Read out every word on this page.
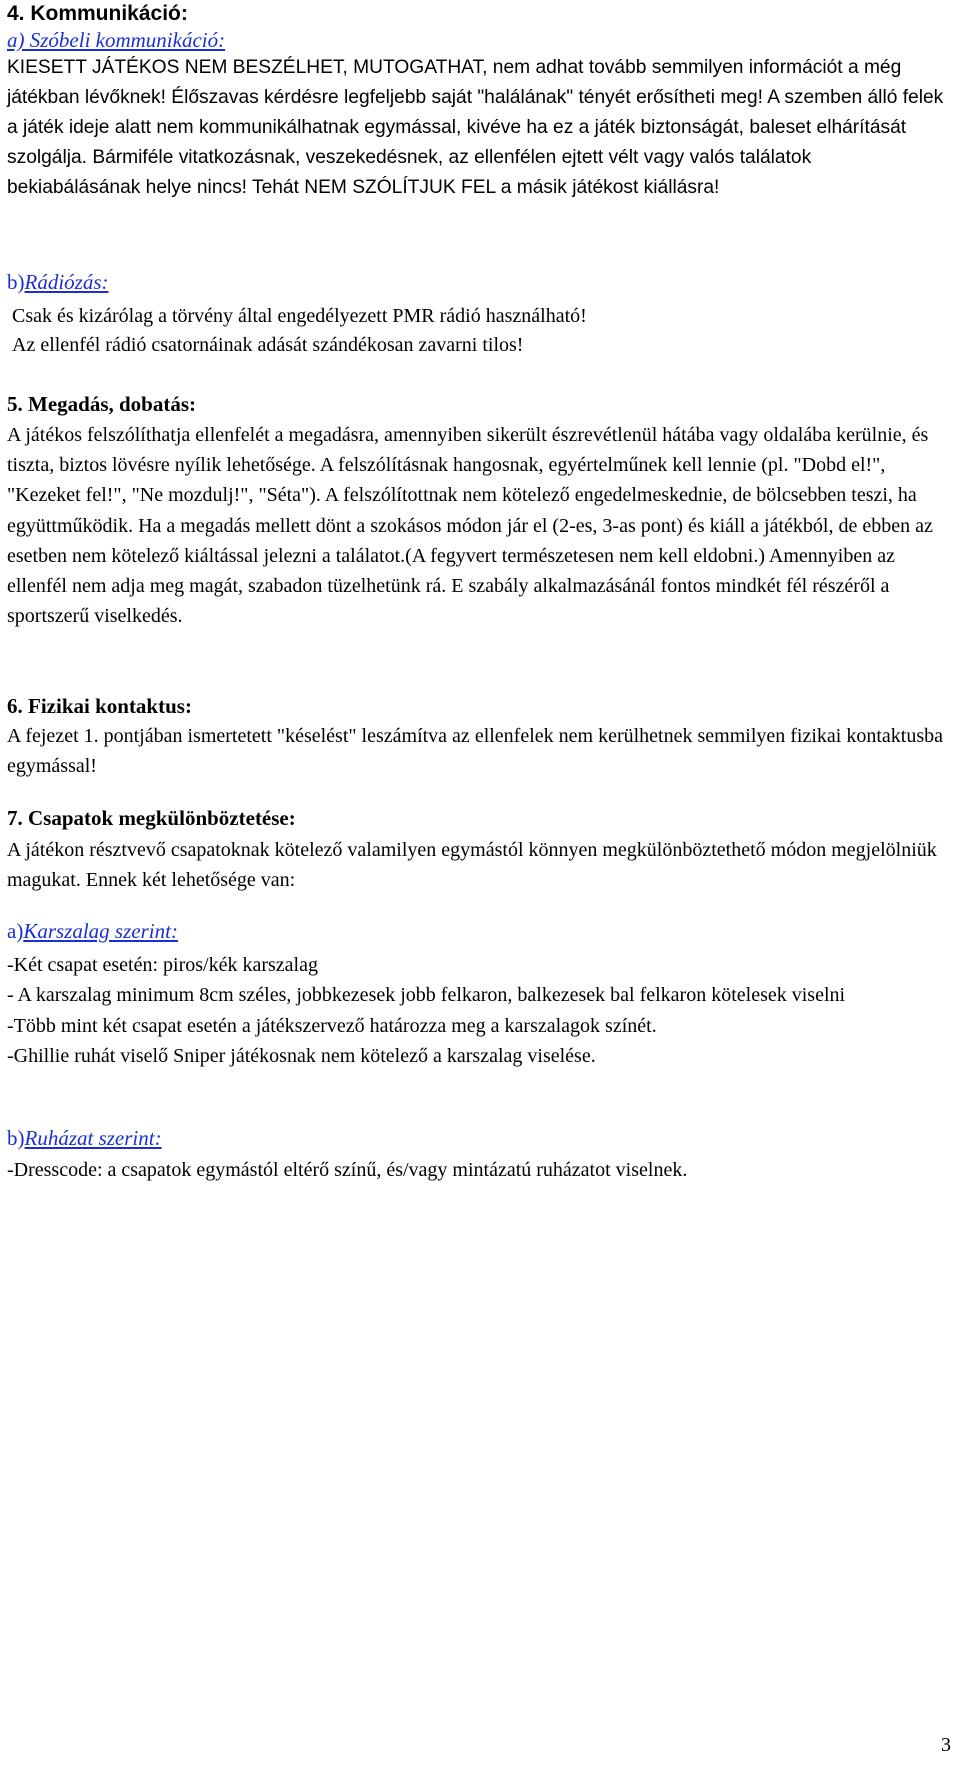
4. Kommunikáció:
a) Szóbeli kommunikáció:
KIESETT JÁTÉKOS NEM BESZÉLHET, MUTOGATHAT, nem adhat tovább semmilyen információt a még játékban lévőknek! Élőszavas kérdésre legfeljebb saját "halálának" tényét erősítheti meg! A szemben álló felek a játék ideje alatt nem kommunikálhatnak egymással, kivéve ha ez a játék biztonságát, baleset elhárítását szolgálja. Bármiféle vitatkozásnak, veszekedésnek, az ellenfélen ejtett vélt vagy valós találatok bekiabálásának helye nincs! Tehát NEM SZÓLÍTJUK FEL a másik játékost kiállásra!
b)Rádiózás:
Csak és kizárólag a törvény által engedélyezett PMR rádió használható!
Az ellenfél rádió csatornáinak adását szándékosan zavarni tilos!
5. Megadás, dobatás:
A játékos felszólíthatja ellenfelét a megadásra, amennyiben sikerült észrevétlenül hátába vagy oldalába kerülnie, és tiszta, biztos lövésre nyílik lehetősége. A felszólításnak hangosnak, egyértelműnek kell lennie (pl. "Dobd el!", "Kezeket fel!", "Ne mozdulj!", "Séta"). A felszólítottnak nem kötelező engedelmeskednie, de bölcsebben teszi, ha együttműködik. Ha a megadás mellett dönt a szokásos módon jár el (2-es, 3-as pont) és kiáll a játékból, de ebben az esetben nem kötelező kiáltással jelezni a találatot.(A fegyvert természetesen nem kell eldobni.) Amennyiben az ellenfél nem adja meg magát, szabadon tüzelhetünk rá. E szabály alkalmazásánál fontos mindkét fél részéről a sportszerű viselkedés.
6. Fizikai kontaktus:
A fejezet 1. pontjában ismertetett "késelést" leszámítva az ellenfelek nem kerülhetnek semmilyen fizikai kontaktusba egymással!
7. Csapatok megkülönböztetése:
A játékon résztvevő csapatoknak kötelező valamilyen egymástól könnyen megkülönböztethető módon megjelölniük magukat. Ennek két lehetősége van:
a)Karszalag szerint:
-Két csapat esetén: piros/kék karszalag
- A karszalag minimum 8cm széles, jobbkezesek jobb felkaron, balkezesek bal felkaron kötelesek viselni
-Több mint két csapat esetén a játékszervező határozza meg a karszalagok színét.
-Ghillie ruhát viselő Sniper játékosnak nem kötelező a karszalag viselése.
b)Ruházat szerint:
-Dresscode: a csapatok egymástól eltérő színű, és/vagy mintázatú ruházatot viselnek.
3
